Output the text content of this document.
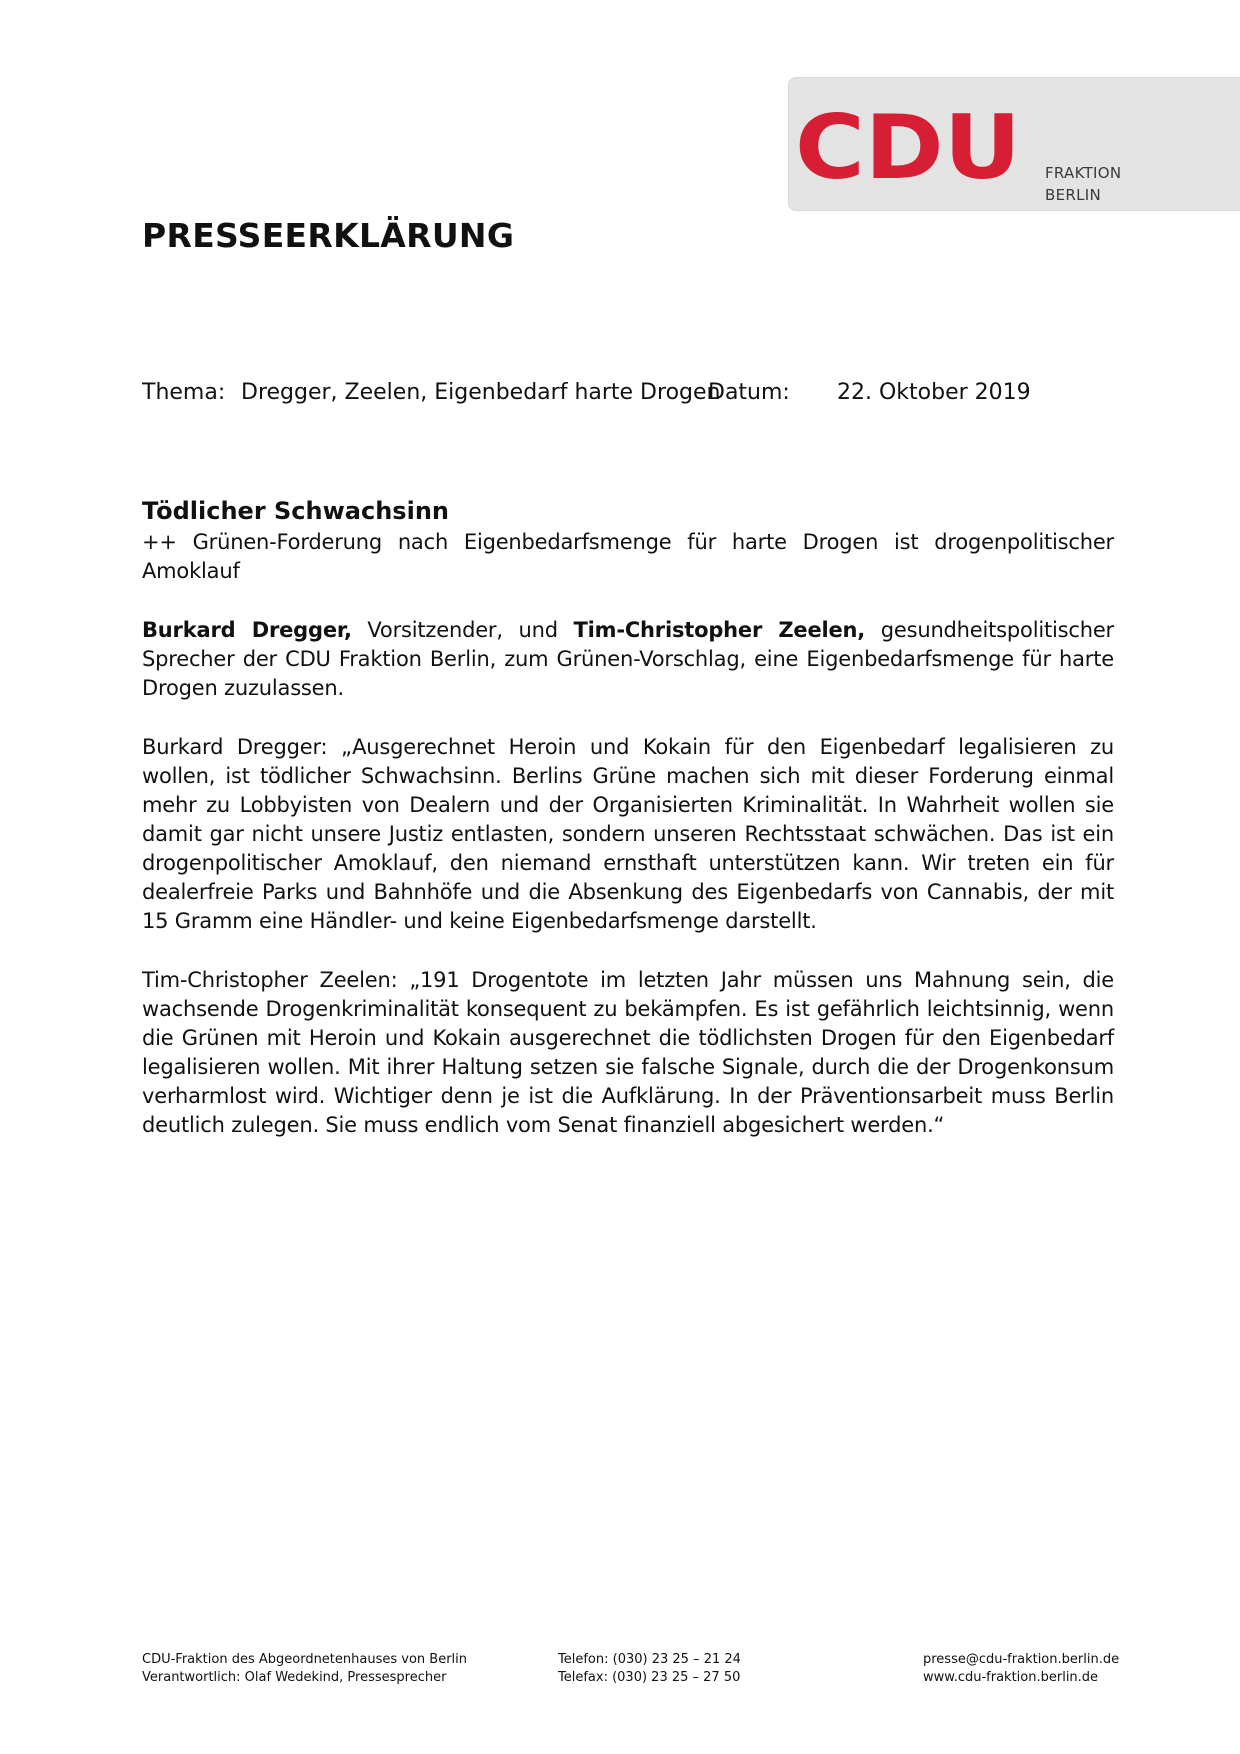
CDU FRAKTION
BERLIN
PRESSEERKLÄRUNG
Thema: Dregger, Zeelen, Eigenbedarf harte Drogen
Datum: 22. Oktober 2019
Tödlicher Schwachsinn

++ Grünen-Forderung nach Eigenbedarfsmenge für harte Drogen ist drogenpolitischer Amoklauf

Burkard Dregger, Vorsitzender, und Tim-Christopher Zeelen, gesundheitspolitischer Sprecher der CDU Fraktion Berlin, zum Grünen-Vorschlag, eine Eigenbedarfsmenge für harte Drogen zuzulassen.

Burkard Dregger: „Ausgerechnet Heroin und Kokain für den Eigenbedarf legalisieren zu wollen, ist tödlicher Schwachsinn. Berlins Grüne machen sich mit dieser Forderung einmal mehr zu Lobbyisten von Dealern und der Organisierten Kriminalität. In Wahrheit wollen sie damit gar nicht unsere Justiz entlasten, sondern unseren Rechtsstaat schwächen. Das ist ein drogenpolitischer Amoklauf, den niemand ernsthaft unterstützen kann. Wir treten ein für dealerfreie Parks und Bahnhöfe und die Absenkung des Eigenbedarfs von Cannabis, der mit 15 Gramm eine Händler- und keine Eigenbedarfsmenge darstellt.

Tim-Christopher Zeelen: „191 Drogentote im letzten Jahr müssen uns Mahnung sein, die wachsende Drogenkriminalität konsequent zu bekämpfen. Es ist gefährlich leichtsinnig, wenn die Grünen mit Heroin und Kokain ausgerechnet die tödlichsten Drogen für den Eigenbedarf legalisieren wollen. Mit ihrer Haltung setzen sie falsche Signale, durch die der Drogenkonsum verharmlost wird. Wichtiger denn je ist die Aufklärung. In der Präventionsarbeit muss Berlin deutlich zulegen. Sie muss endlich vom Senat finanziell abgesichert werden.“

CDU-Fraktion des Abgeordnetenhauses von Berlin
Verantwortlich: Olaf Wedekind, Pressesprecher
Telefon: (030) 23 25 – 21 24
Telefax: (030) 23 25 – 27 50
presse@cdu-fraktion.berlin.de
www.cdu-fraktion.berlin.de
